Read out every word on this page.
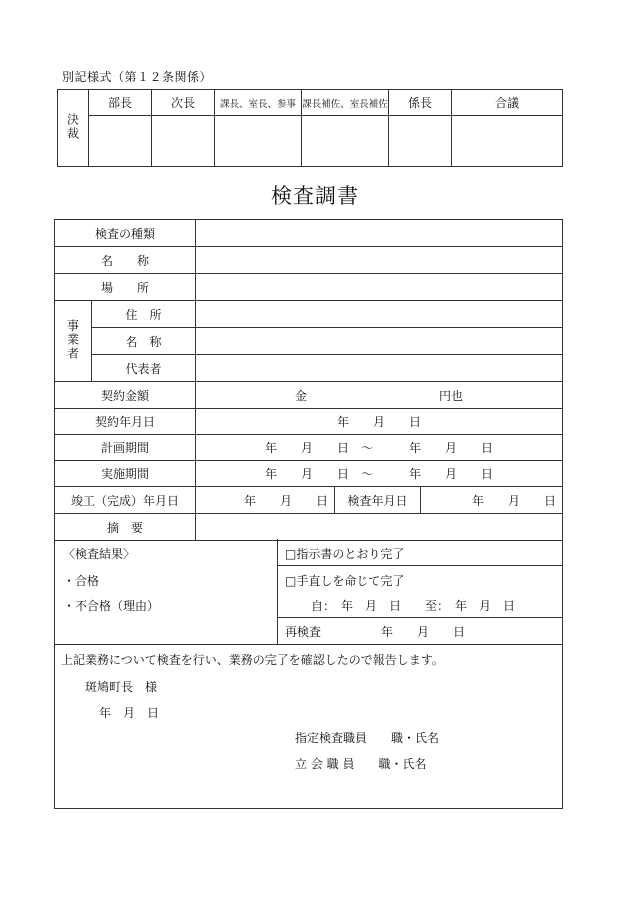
別記様式（第１２条関係）
決裁	部長	次長	課長、室長、参事	課長補佐、室長補佐	係長	合議

検査調書
検査の種類				
名　　称				
場　　所				
事業者	住　所			
	名　称			
	代表者			
契約金額		金　　　　　　　　　　　円也		
契約年月日		年　　月　　日		
計画期間		年　　月　　日　～　　　年　　月　　日		
実施期間		年　　月　　日　～　　　年　　月　　日		
竣工（完成）年月日		年　　月　　日	検査年月日	年　　月　　日
摘　要				
〈検査結果〉
・合格
・不合格（理由）
□指示書のとおり完了
□手直しを命じて完了
自：　年　月　日　　至：　年　月　日
再検査　　　　　年　　月　　日
上記業務について検査を行い、業務の完了を確認したので報告します。
斑鳩町長　様
年　月　日
指定検査職員　　職・氏名
立 会 職 員　　職・氏名
